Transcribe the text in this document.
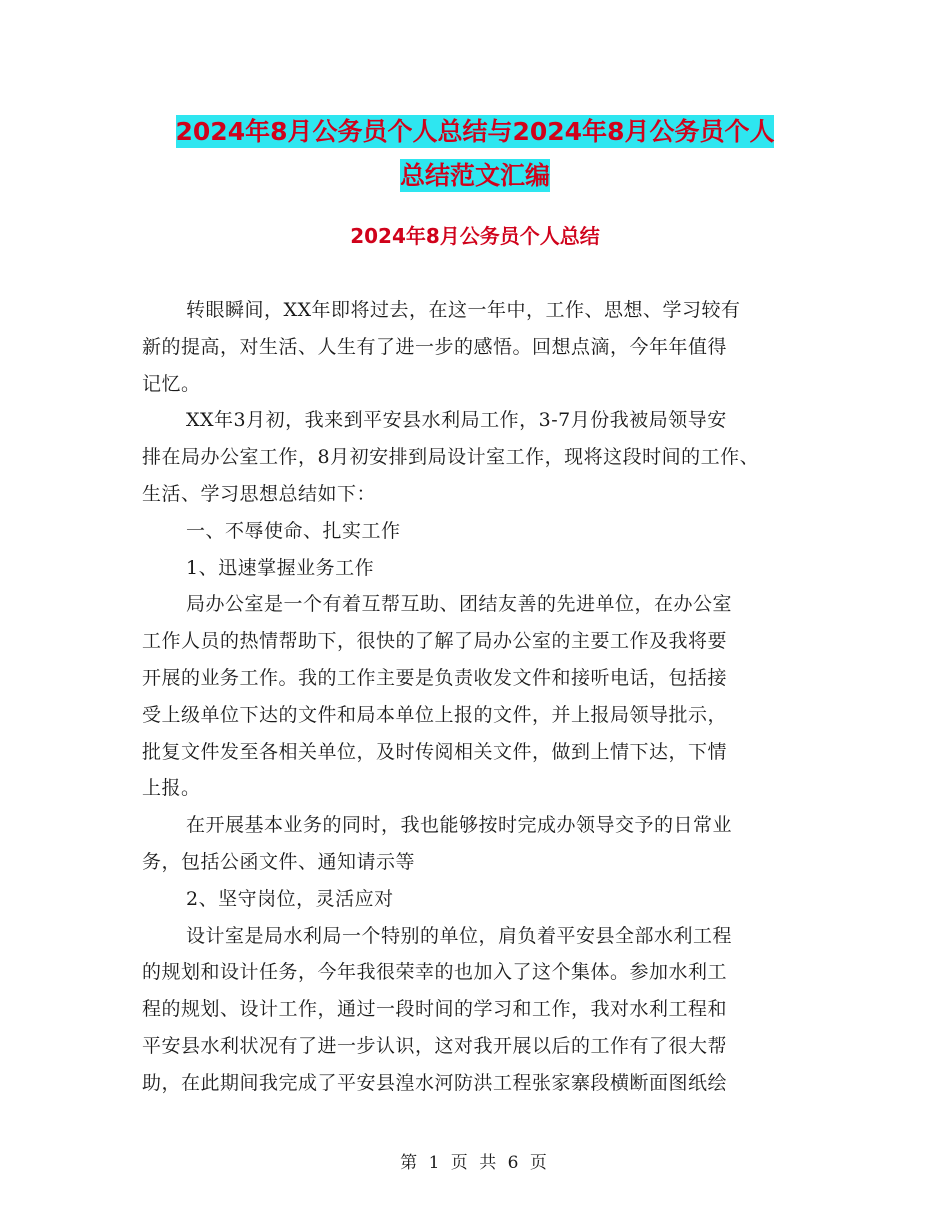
2024年8月公务员个人总结与2024年8月公务员个人
总结范文汇编
2024年8月公务员个人总结
转眼瞬间，XX年即将过去，在这一年中，工作、思想、学习较有
新的提高，对生活、人生有了进一步的感悟。回想点滴，今年年值得
记忆。
XX年3月初，我来到平安县水利局工作，3-7月份我被局领导安
排在局办公室工作，8月初安排到局设计室工作，现将这段时间的工作、
生活、学习思想总结如下：
一、不辱使命、扎实工作
1、迅速掌握业务工作
局办公室是一个有着互帮互助、团结友善的先进单位，在办公室
工作人员的热情帮助下，很快的了解了局办公室的主要工作及我将要
开展的业务工作。我的工作主要是负责收发文件和接听电话，包括接
受上级单位下达的文件和局本单位上报的文件，并上报局领导批示，
批复文件发至各相关单位，及时传阅相关文件，做到上情下达，下情
上报。
在开展基本业务的同时，我也能够按时完成办领导交予的日常业
务，包括公函文件、通知请示等
2、坚守岗位，灵活应对
设计室是局水利局一个特别的单位，肩负着平安县全部水利工程
的规划和设计任务，今年我很荣幸的也加入了这个集体。参加水利工
程的规划、设计工作，通过一段时间的学习和工作，我对水利工程和
平安县水利状况有了进一步认识，这对我开展以后的工作有了很大帮
助，在此期间我完成了平安县湟水河防洪工程张家寨段横断面图纸绘
第 1 页 共 6 页
